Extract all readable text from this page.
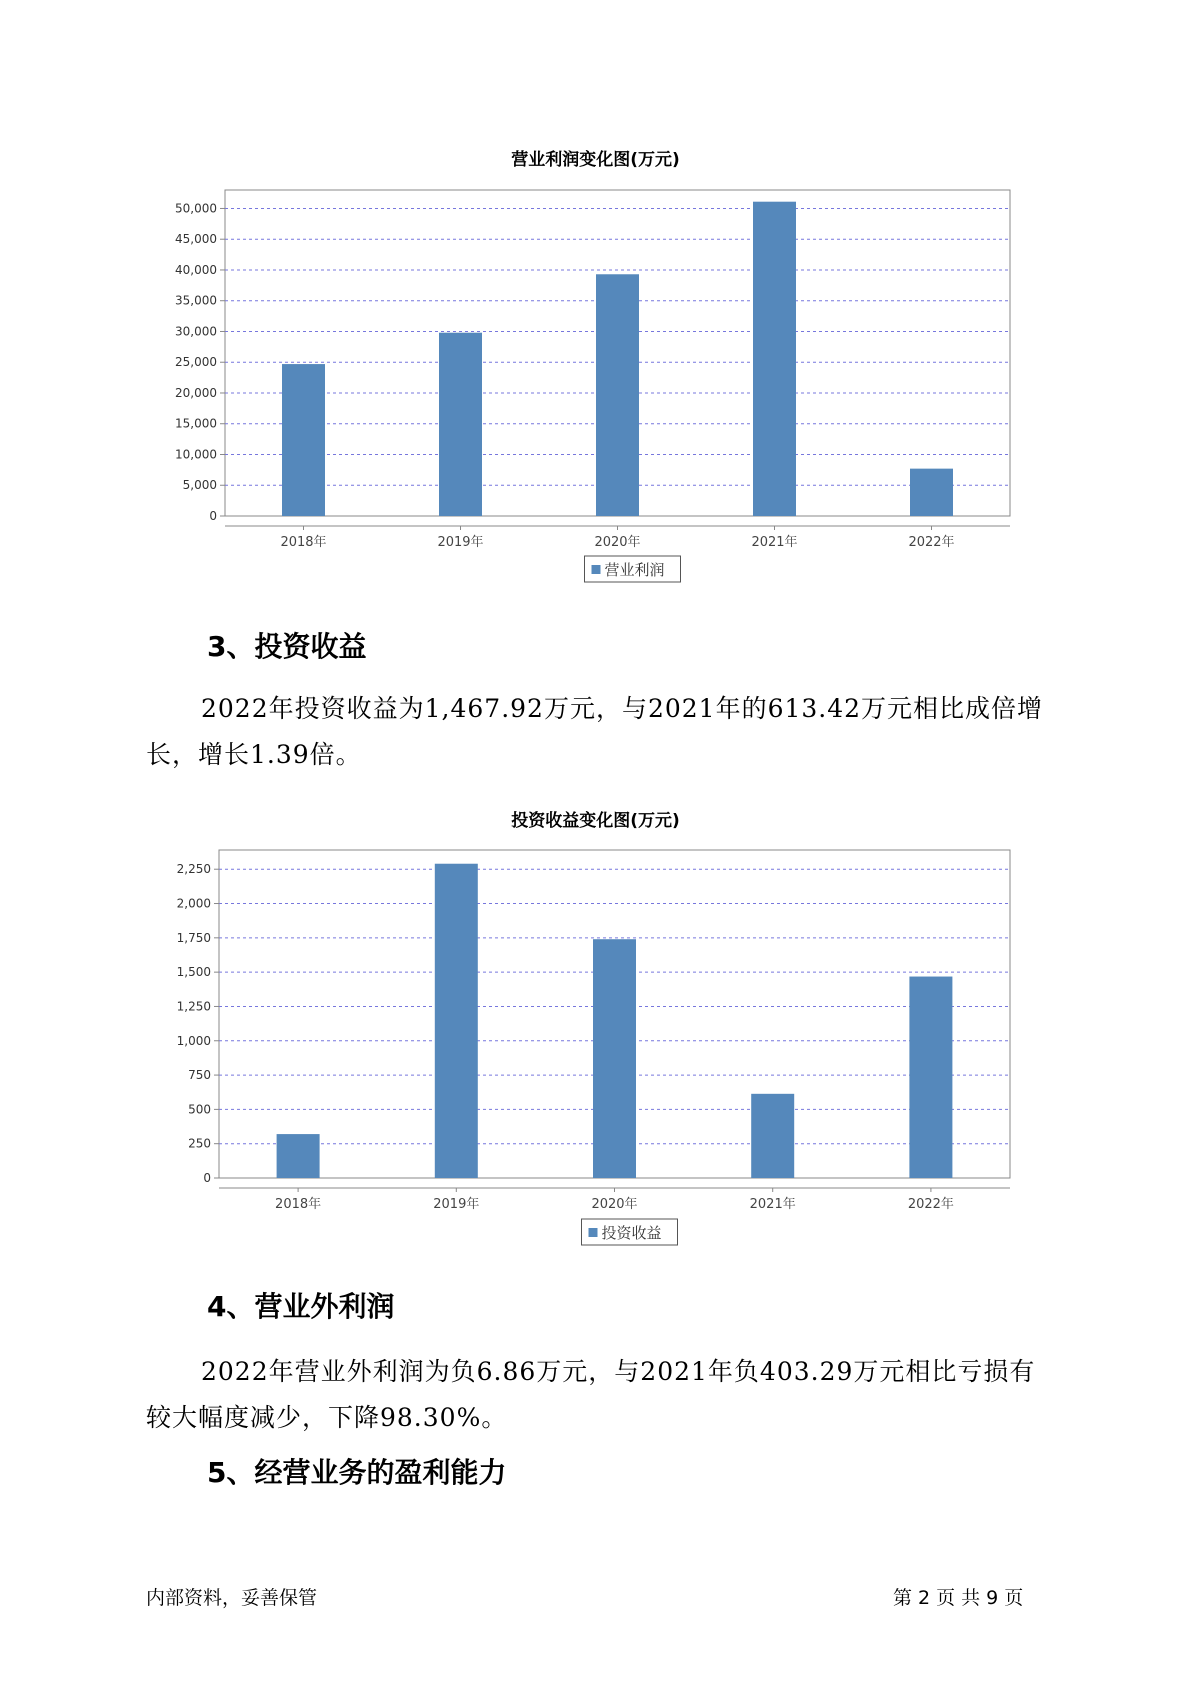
营业利润变化图(万元)
0
5,000
10,000
15,000
20,000
25,000
30,000
35,000
40,000
45,000
50,000
2018年	2019年	2020年	2021年	2022年
营业利润
3、投资收益
2022年投资收益为1,467.92万元，与2021年的613.42万元相比成倍增长，增长1.39倍。
投资收益变化图(万元)
0
250
500
750
1,000
1,250
1,500
1,750
2,000
2,250
2018年	2019年	2020年	2021年	2022年
投资收益
4、营业外利润
2022年营业外利润为负6.86万元，与2021年负403.29万元相比亏损有较大幅度减少，下降98.30%。
5、经营业务的盈利能力
内部资料，妥善保管	第 2 页 共 9 页
